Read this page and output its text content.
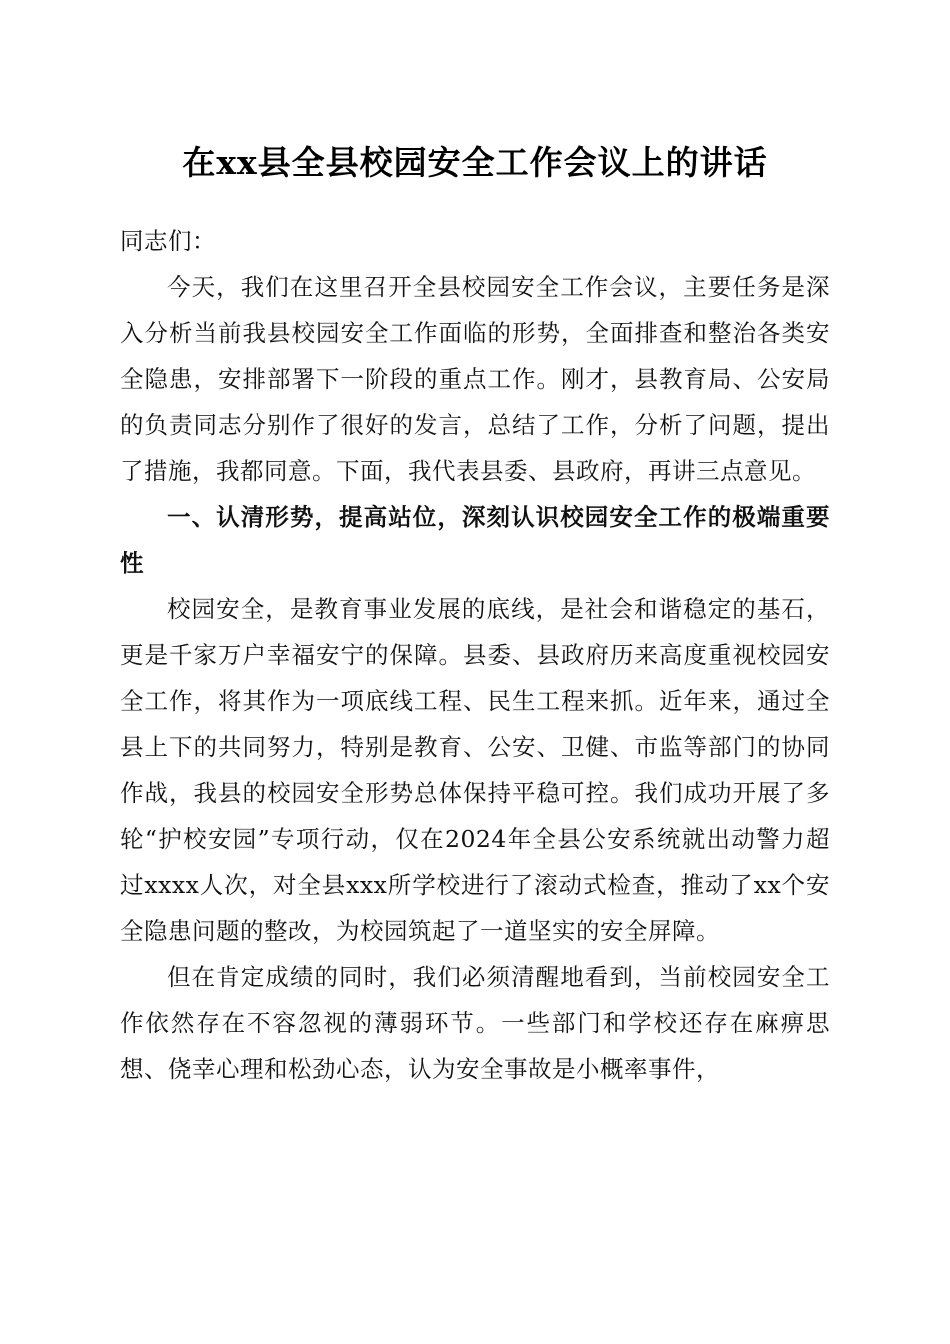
在xx县全县校园安全工作会议上的讲话

同志们：

今天，我们在这里召开全县校园安全工作会议，主要任务是深入分析当前我县校园安全工作面临的形势，全面排查和整治各类安全隐患，安排部署下一阶段的重点工作。刚才，县教育局、公安局的负责同志分别作了很好的发言，总结了工作，分析了问题，提出了措施，我都同意。下面，我代表县委、县政府，再讲三点意见。

一、认清形势，提高站位，深刻认识校园安全工作的极端重要性

校园安全，是教育事业发展的底线，是社会和谐稳定的基石，更是千家万户幸福安宁的保障。县委、县政府历来高度重视校园安全工作，将其作为一项底线工程、民生工程来抓。近年来，通过全县上下的共同努力，特别是教育、公安、卫健、市监等部门的协同作战，我县的校园安全形势总体保持平稳可控。我们成功开展了多轮“护校安园”专项行动，仅在2024年全县公安系统就出动警力超过xxxx人次，对全县xxx所学校进行了滚动式检查，推动了xx个安全隐患问题的整改，为校园筑起了一道坚实的安全屏障。

但在肯定成绩的同时，我们必须清醒地看到，当前校园安全工作依然存在不容忽视的薄弱环节。一些部门和学校还存在麻痹思想、侥幸心理和松劲心态，认为安全事故是小概率事件，
